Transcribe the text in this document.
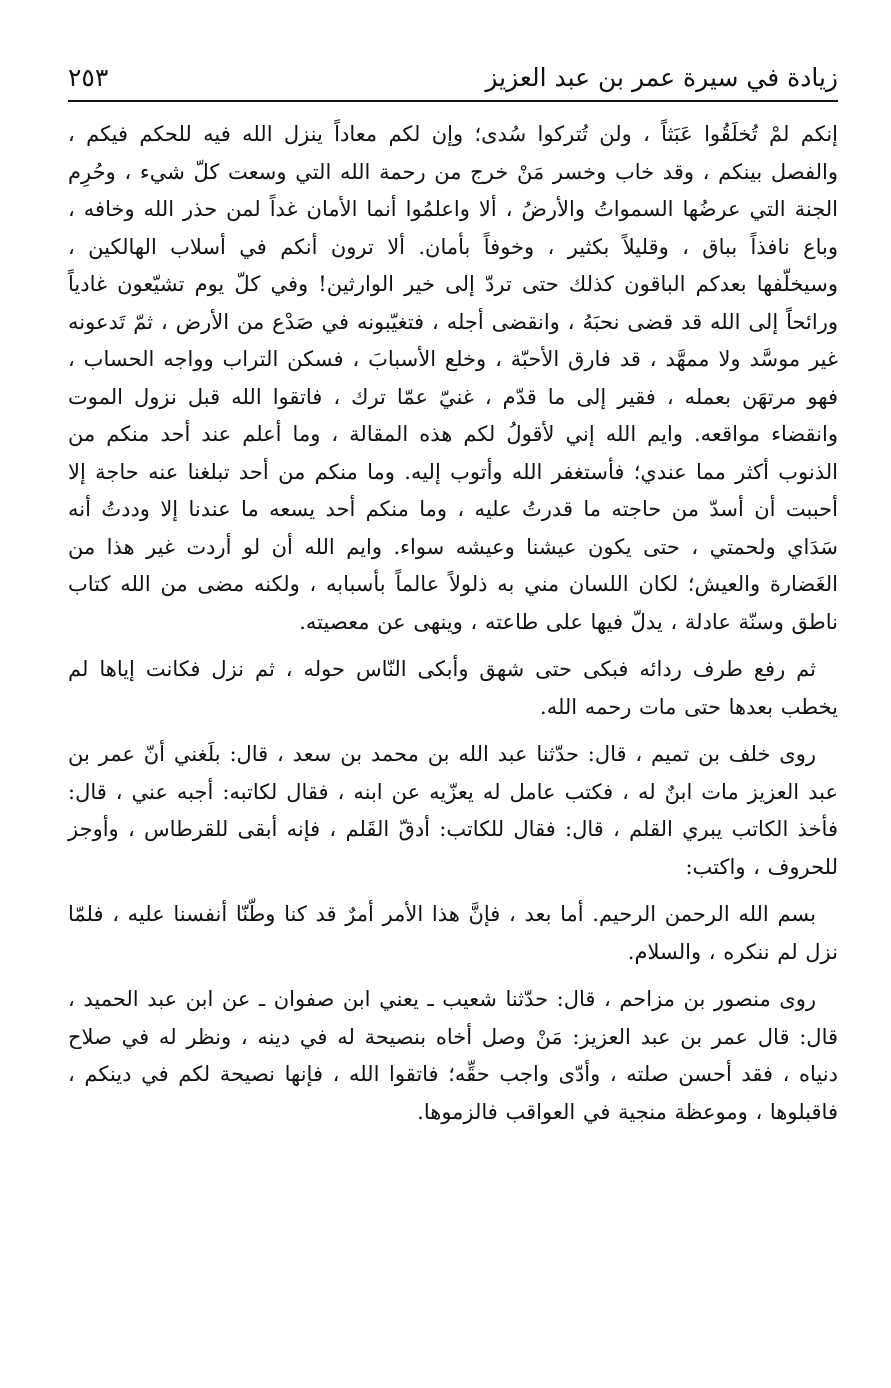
زيادة في سيرة عمر بن عبد العزيز
٢٥٣

إنكم لمْ تُخلَقُوا عَبَثاً ، ولن تُتركوا سُدى؛ وإن لكم معاداً ينزل الله فيه للحكم فيكم ، والفصل بينكم ، وقد خاب وخسر مَنْ خرج من رحمة الله التي وسعت كلّ شيء ، وحُرِم الجنة التي عرضُها السمواتُ والأرضُ ، ألا واعلمُوا أنما الأمان غداً لمن حذر الله وخافه ، وباع نافذاً بباق ، وقليلاً بكثير ، وخوفاً بأمان. ألا ترون أنكم في أسلاب الهالكين ، وسيخلّفها بعدكم الباقون كذلك حتى تردّ إلى خير الوارثين! وفي كلّ يوم تشيّعون غادياً ورائحاً إلى الله قد قضى نحبَهُ ، وانقضى أجله ، فتغيّبونه في صَدْع من الأرض ، ثمّ تَدعونه غير موسَّد ولا ممهَّد ، قد فارق الأحبّة ، وخلع الأسبابَ ، فسكن التراب وواجه الحساب ، فهو مرتهَن بعمله ، فقير إلى ما قدّم ، غنيّ عمّا ترك ، فاتقوا الله قبل نزول الموت وانقضاء مواقعه. وايم الله إني لأقولُ لكم هذه المقالة ، وما أعلم عند أحد منكم من الذنوب أكثر مما عندي؛ فأستغفر الله وأتوب إليه. وما منكم من أحد تبلغنا عنه حاجة إلا أحببت أن أسدّ من حاجته ما قدرتُ عليه ، وما منكم أحد يسعه ما عندنا إلا وددتُ أنه سَدَاي ولحمتي ، حتى يكون عيشنا وعيشه سواء. وايم الله أن لو أردت غير هذا من الغَضارة والعيش؛ لكان اللسان مني به ذلولاً عالماً بأسبابه ، ولكنه مضى من الله كتاب ناطق وسنّة عادلة ، يدلّ فيها على طاعته ، وينهى عن معصيته.

ثم رفع طرف ردائه فبكى حتى شهق وأبكى النّاس حوله ، ثم نزل فكانت إياها لم يخطب بعدها حتى مات رحمه الله.

روى خلف بن تميم ، قال: حدّثنا عبد الله بن محمد بن سعد ، قال: بلَغني أنّ عمر بن عبد العزيز مات ابنٌ له ، فكتب عامل له يعزّيه عن ابنه ، فقال لكاتبه: أجبه عني ، قال: فأخذ الكاتب يبري القلم ، قال: فقال للكاتب: أدقّ القَلم ، فإنه أبقى للقرطاس ، وأوجز للحروف ، واكتب:

بسم الله الرحمن الرحيم. أما بعد ، فإنَّ هذا الأمر أمرٌ قد كنا وطّنّا أنفسنا عليه ، فلمّا نزل لم ننكره ، والسلام.

روى منصور بن مزاحم ، قال: حدّثنا شعيب ـ يعني ابن صفوان ـ عن ابن عبد الحميد ، قال: قال عمر بن عبد العزيز: مَنْ وصل أخاه بنصيحة له في دينه ، ونظر له في صلاح دنياه ، فقد أحسن صلته ، وأدّى واجب حقِّه؛ فاتقوا الله ، فإنها نصيحة لكم في دينكم ، فاقبلوها ، وموعظة منجية في العواقب فالزموها.
